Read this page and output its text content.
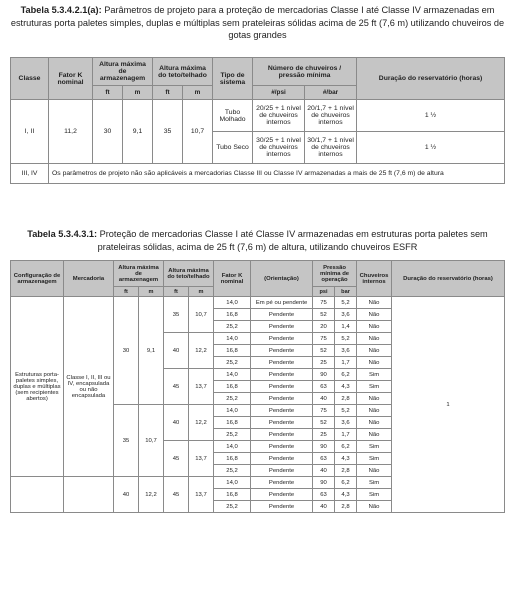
Tabela 5.3.4.2.1(a): Parâmetros de projeto para a proteção de mercadorias Classe I até Classe IV armazenadas em estruturas porta paletes simples, duplas e múltiplas sem prateleiras sólidas acima de 25 ft (7,6 m) utilizando chuveiros de gotas grandes
Classe	Fator K nominal	Altura máxima de armazenagem		Altura máxima do teto/telhado		Tipo de sistema	Número de chuveiros / pressão mínima		Duração do reservatório (horas)
		ft	m	ft	m		#/psi	#/bar	
I, II	11,2	30	9,1	35	10,7	Tubo Molhado	20/25 + 1 nível de chuveiros internos	20/1,7 + 1 nível de chuveiros internos	1 ½
						Tubo Seco	30/25 + 1 nível de chuveiros internos	30/1,7 + 1 nível de chuveiros internos	1 ½
III, IV	Os parâmetros de projeto não são aplicáveis a mercadorias Classe III ou Classe IV armazenadas a mais de 25 ft (7,6 m) de altura								
Tabela 5.3.4.3.1: Proteção de mercadorias Classe I até Classe IV armazenadas em estruturas porta paletes sem prateleiras sólidas, acima de 25 ft (7,6 m) de altura, utilizando chuveiros ESFR
Configuração de armazenagem	Mercadoria	Altura máxima de armazenagem		Altura máxima do teto/telhado		Fator K nominal	(Orientação)	Pressão mínima de operação		Chuveiros internos	Duração do reservatório (horas)
		ft	m	ft	m			psi	bar		
Estruturas porta-paletes simples, duplas e múltiplas (sem recipientes abertos)	Classe I, II, III ou IV, encapsulada ou não encapsulada	30	9,1	35	10,7	14,0	Em pé ou pendente	75	5,2	Não	1
						16,8	Pendente	52	3,6	Não	
						25,2	Pendente	20	1,4	Não	
				40	12,2	14,0	Pendente	75	5,2	Não	
						16,8	Pendente	52	3,6	Não	
						25,2	Pendente	25	1,7	Não	
				45	13,7	14,0	Pendente	90	6,2	Sim	
						16,8	Pendente	63	4,3	Sim	
						25,2	Pendente	40	2,8	Não	
		35	10,7	40	12,2	14,0	Pendente	75	5,2	Não	
						16,8	Pendente	52	3,6	Não	
						25,2	Pendente	25	1,7	Não	
				45	13,7	14,0	Pendente	90	6,2	Sim	
						16,8	Pendente	63	4,3	Sim	
						25,2	Pendente	40	2,8	Não	
		40	12,2	45	13,7	14,0	Pendente	90	6,2	Sim	
						16,8	Pendente	63	4,3	Sim	
						25,2	Pendente	40	2,8	Não	
